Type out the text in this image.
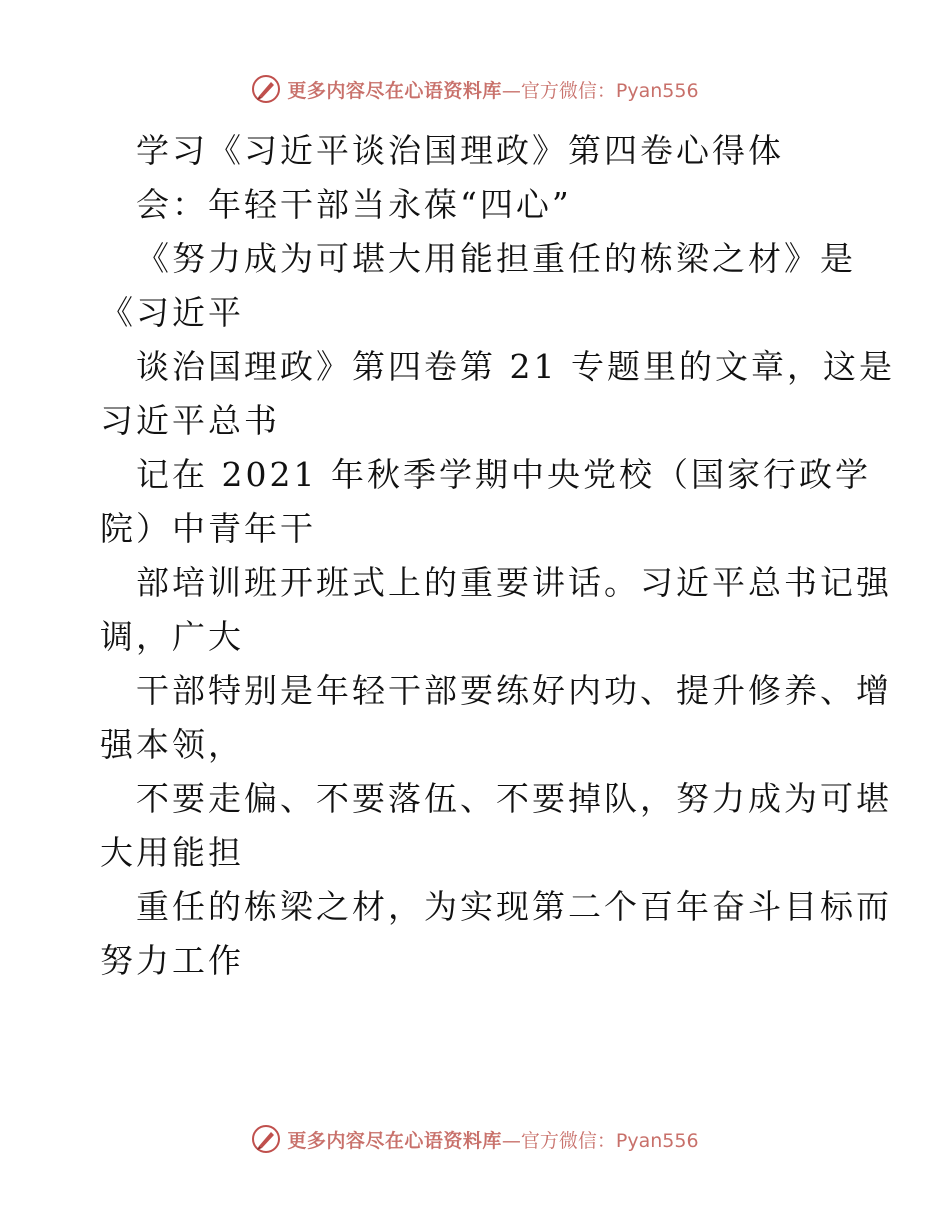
更多内容尽在心语资料库 —官方微信：Pyan556
学习《习近平谈治国理政》第四卷心得体
会：年轻干部当永葆“四心”
《努力成为可堪大用能担重任的栋梁之材》是
《习近平
谈治国理政》第四卷第 21 专题里的文章，这是
习近平总书
记在 2021 年秋季学期中央党校（国家行政学
院）中青年干
部培训班开班式上的重要讲话。习近平总书记强
调，广大
干部特别是年轻干部要练好内功、提升修养、增
强本领，
不要走偏、不要落伍、不要掉队，努力成为可堪
大用能担
重任的栋梁之材，为实现第二个百年奋斗目标而
努力工作
更多内容尽在心语资料库 —官方微信：Pyan556
